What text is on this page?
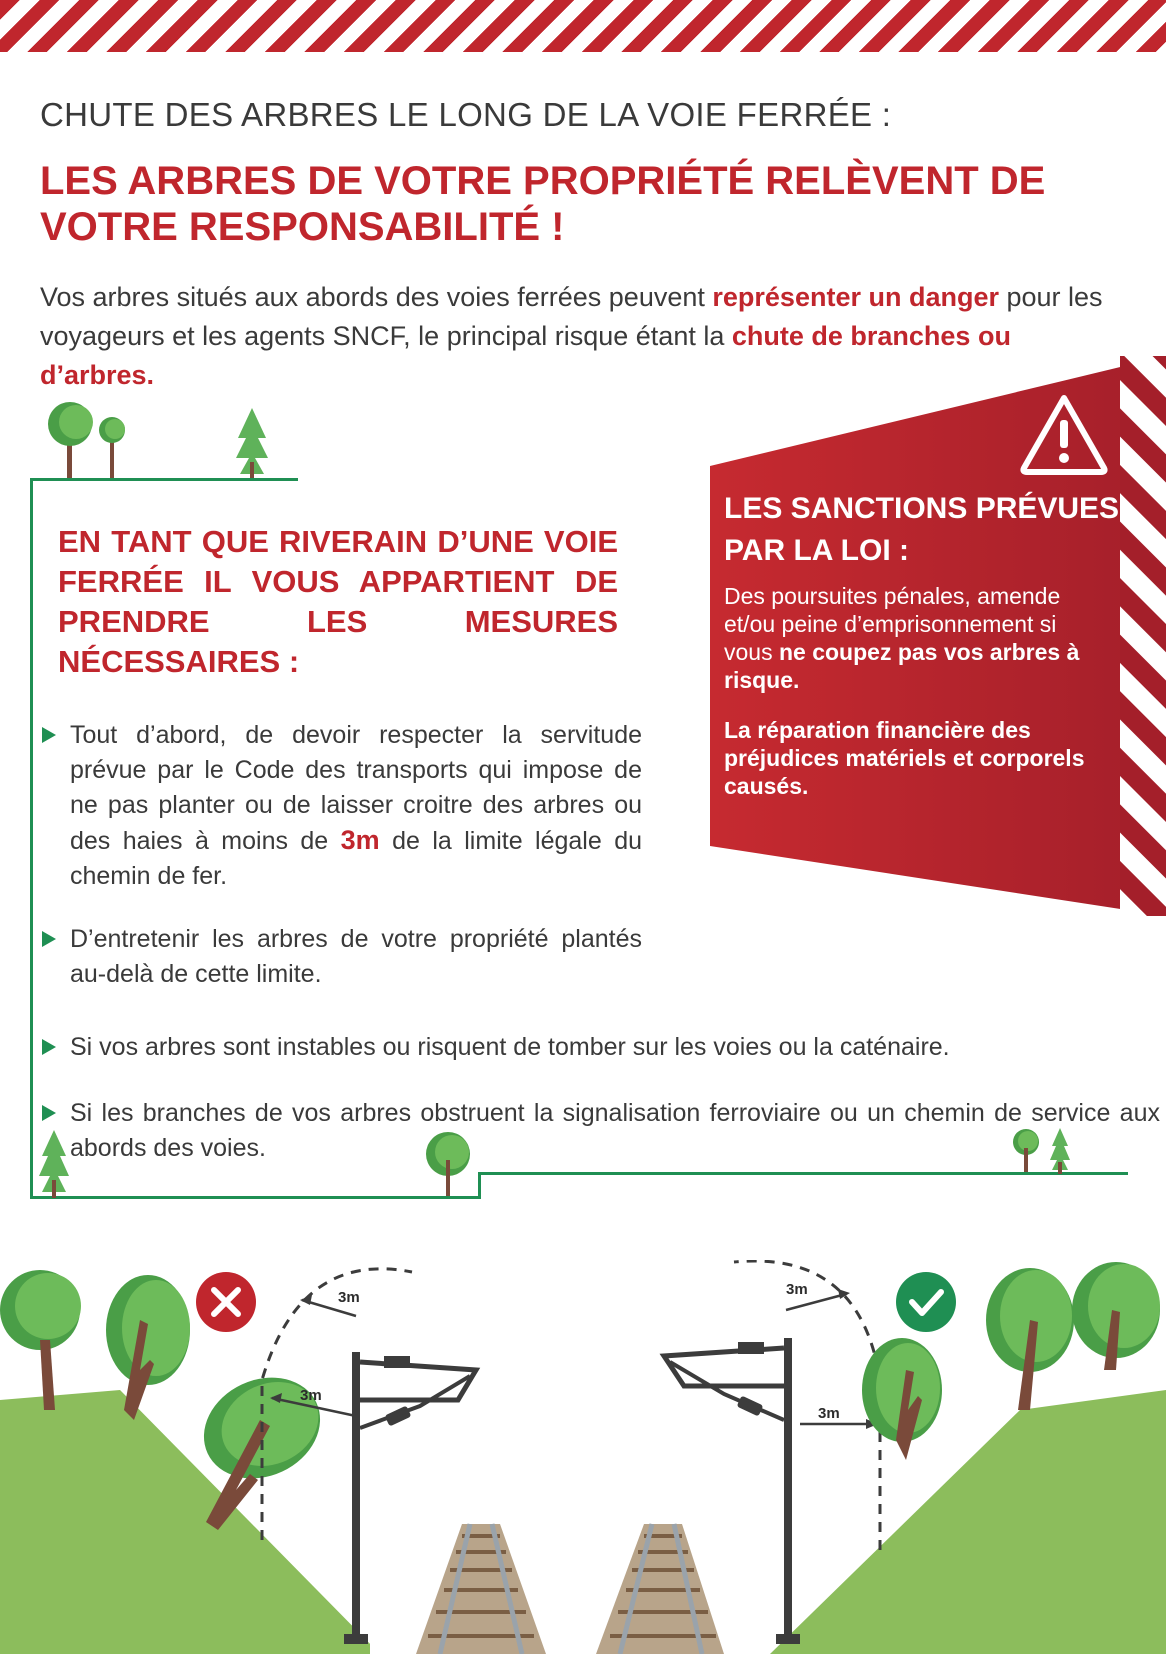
CHUTE DES ARBRES LE LONG DE LA VOIE FERRÉE :
LES ARBRES DE VOTRE PROPRIÉTÉ RELÈVENT DE VOTRE RESPONSABILITÉ !
Vos arbres situés aux abords des voies ferrées peuvent représenter un danger pour les voyageurs et les agents SNCF, le principal risque étant la chute de branches ou d’arbres.
EN TANT QUE RIVERAIN D’UNE VOIE FERRÉE IL VOUS APPARTIENT DE PRENDRE LES MESURES NÉCESSAIRES :
Tout d’abord, de devoir respecter la servitude prévue par le Code des transports qui impose de ne pas planter ou de laisser croitre des arbres ou des haies à moins de 3m de la limite légale du chemin de fer.
D’entretenir les arbres de votre propriété plantés au-delà de cette limite.
Si vos arbres sont instables ou risquent de tomber sur les voies ou la caténaire.
Si les branches de vos arbres obstruent la signalisation ferroviaire ou un chemin de service aux abords des voies.
LES SANCTIONS PRÉVUES PAR LA LOI :
Des poursuites pénales, amende et/ou peine d’emprisonnement si vous ne coupez pas vos arbres à risque.
La réparation financière des préjudices matériels et corporels causés.
3m
3m
3m
3m
